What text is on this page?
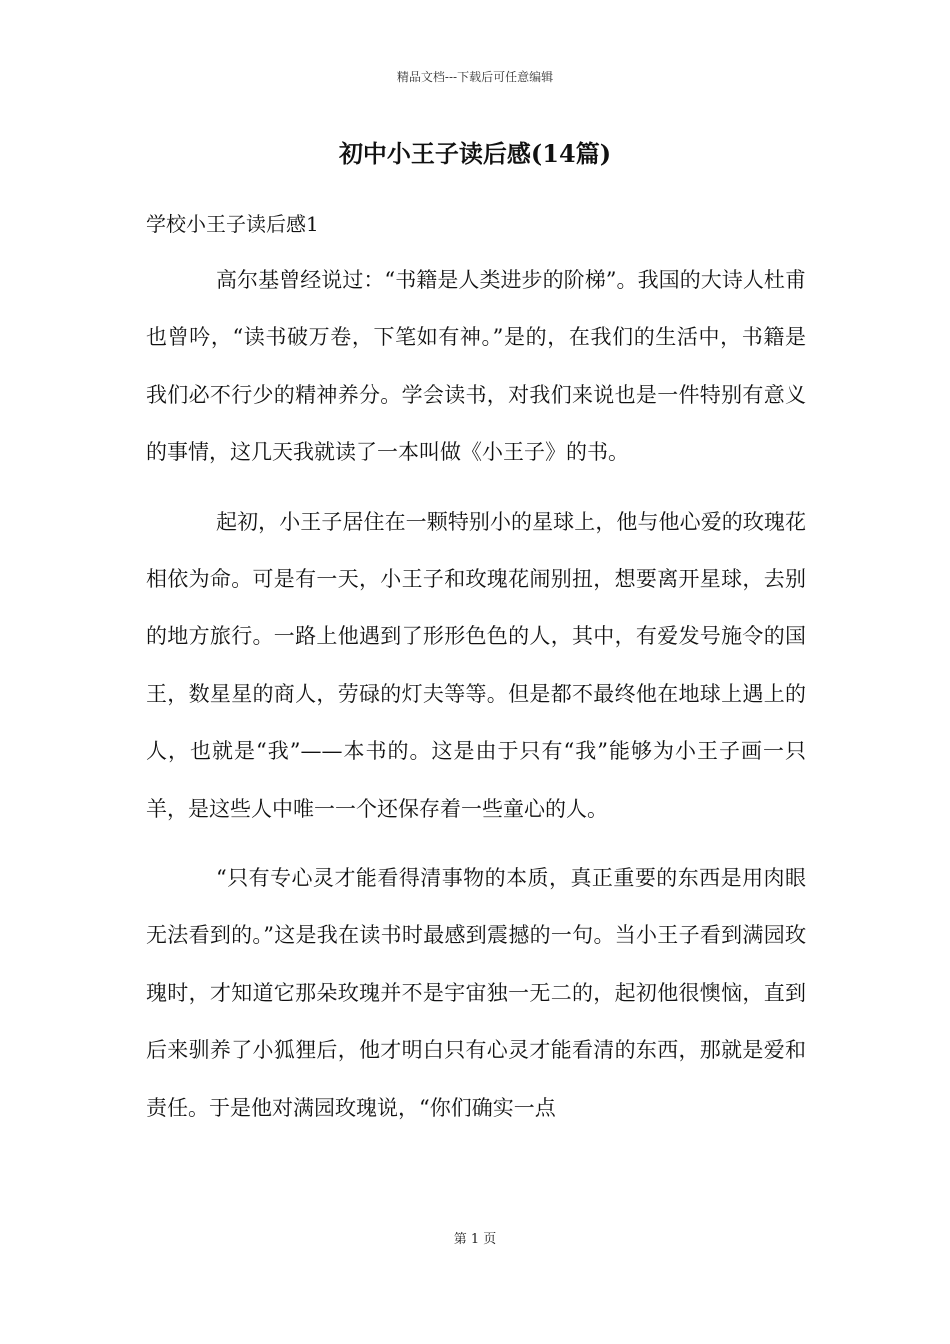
精品文档---下载后可任意编辑
初中小王子读后感(14篇)

学校小王子读后感1

高尔基曾经说过：“书籍是人类进步的阶梯”。我国的大诗人杜甫也曾吟，“读书破万卷，下笔如有神。”是的，在我们的生活中，书籍是我们必不行少的精神养分。学会读书，对我们来说也是一件特别有意义的事情，这几天我就读了一本叫做《小王子》的书。

起初，小王子居住在一颗特别小的星球上，他与他心爱的玫瑰花相依为命。可是有一天，小王子和玫瑰花闹别扭，想要离开星球，去别的地方旅行。一路上他遇到了形形色色的人，其中，有爱发号施令的国王，数星星的商人，劳碌的灯夫等等。但是都不最终他在地球上遇上的人，也就是“我”——本书的。这是由于只有“我”能够为小王子画一只羊，是这些人中唯一一个还保存着一些童心的人。

“只有专心灵才能看得清事物的本质，真正重要的东西是用肉眼无法看到的。”这是我在读书时最感到震撼的一句。当小王子看到满园玫瑰时，才知道它那朵玫瑰并不是宇宙独一无二的，起初他很懊恼，直到后来驯养了小狐狸后，他才明白只有心灵才能看清的东西，那就是爱和责任。于是他对满园玫瑰说，“你们确实一点

第 1 页
